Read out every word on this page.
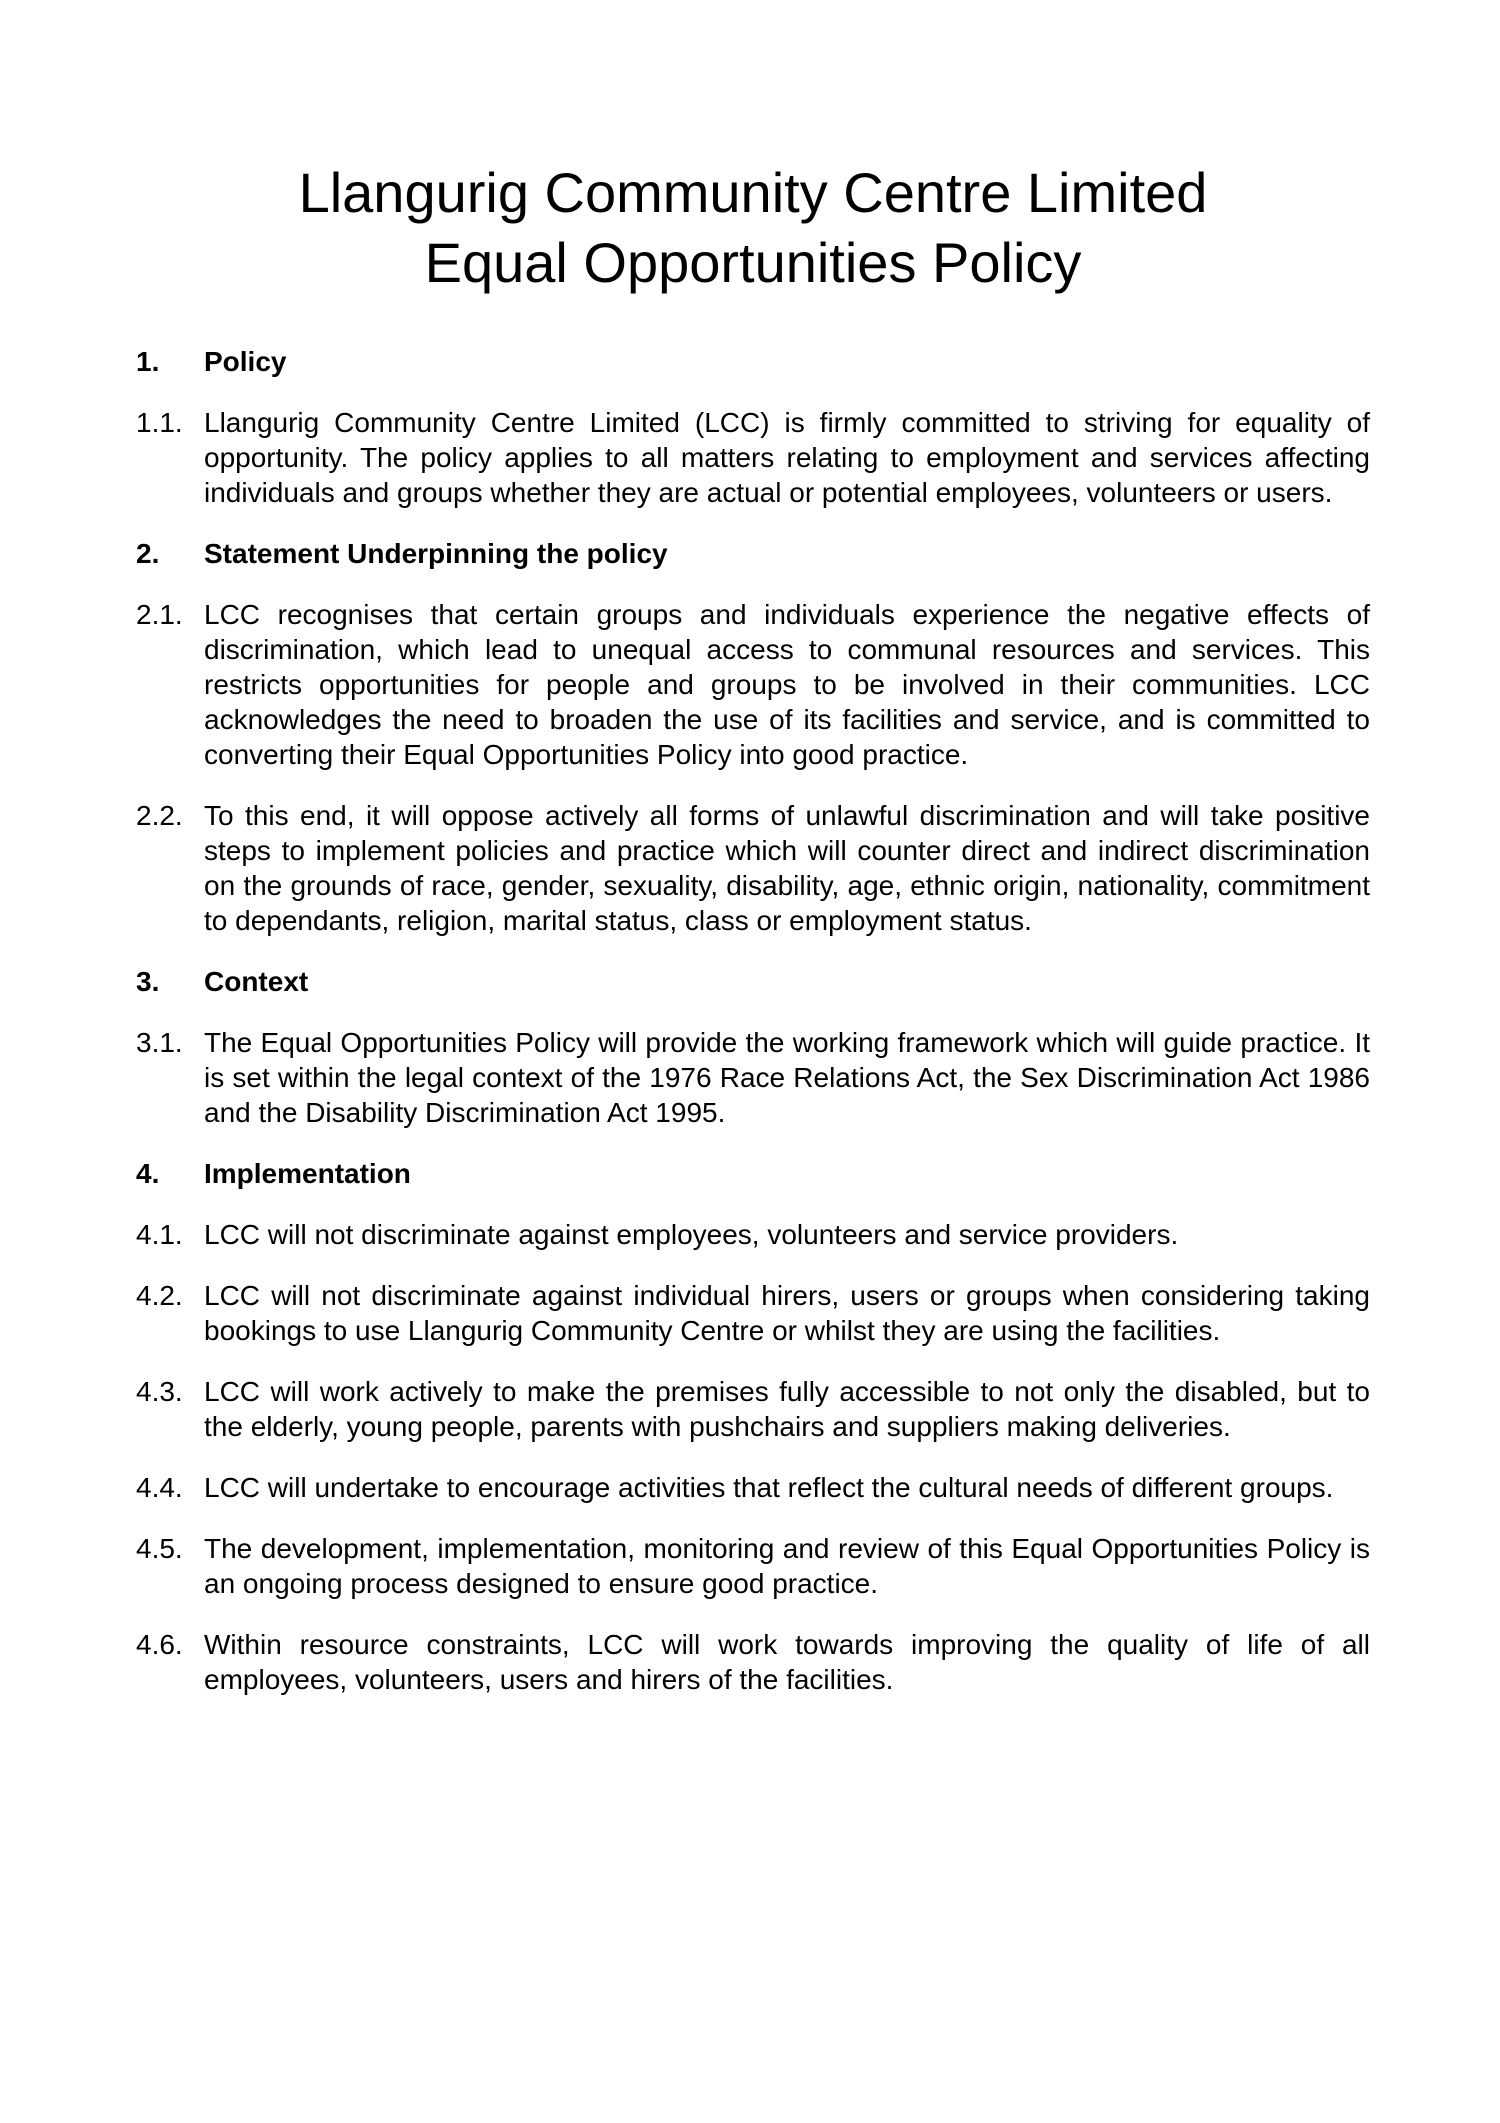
Llangurig Community Centre Limited
Equal Opportunities Policy
1. Policy

1.1. Llangurig Community Centre Limited (LCC) is firmly committed to striving for equality of opportunity. The policy applies to all matters relating to employment and services affecting individuals and groups whether they are actual or potential employees, volunteers or users.

2. Statement Underpinning the policy

2.1. LCC recognises that certain groups and individuals experience the negative effects of discrimination, which lead to unequal access to communal resources and services. This restricts opportunities for people and groups to be involved in their communities. LCC acknowledges the need to broaden the use of its facilities and service, and is committed to converting their Equal Opportunities Policy into good practice.

2.2. To this end, it will oppose actively all forms of unlawful discrimination and will take positive steps to implement policies and practice which will counter direct and indirect discrimination on the grounds of race, gender, sexuality, disability, age, ethnic origin, nationality, commitment to dependants, religion, marital status, class or employment status.

3. Context

3.1. The Equal Opportunities Policy will provide the working framework which will guide practice. It is set within the legal context of the 1976 Race Relations Act, the Sex Discrimination Act 1986 and the Disability Discrimination Act 1995.

4. Implementation

4.1. LCC will not discriminate against employees, volunteers and service providers.

4.2. LCC will not discriminate against individual hirers, users or groups when considering taking bookings to use Llangurig Community Centre or whilst they are using the facilities.

4.3. LCC will work actively to make the premises fully accessible to not only the disabled, but to the elderly, young people, parents with pushchairs and suppliers making deliveries.

4.4. LCC will undertake to encourage activities that reflect the cultural needs of different groups.

4.5. The development, implementation, monitoring and review of this Equal Opportunities Policy is an ongoing process designed to ensure good practice.

4.6. Within resource constraints, LCC will work towards improving the quality of life of all employees, volunteers, users and hirers of the facilities.
